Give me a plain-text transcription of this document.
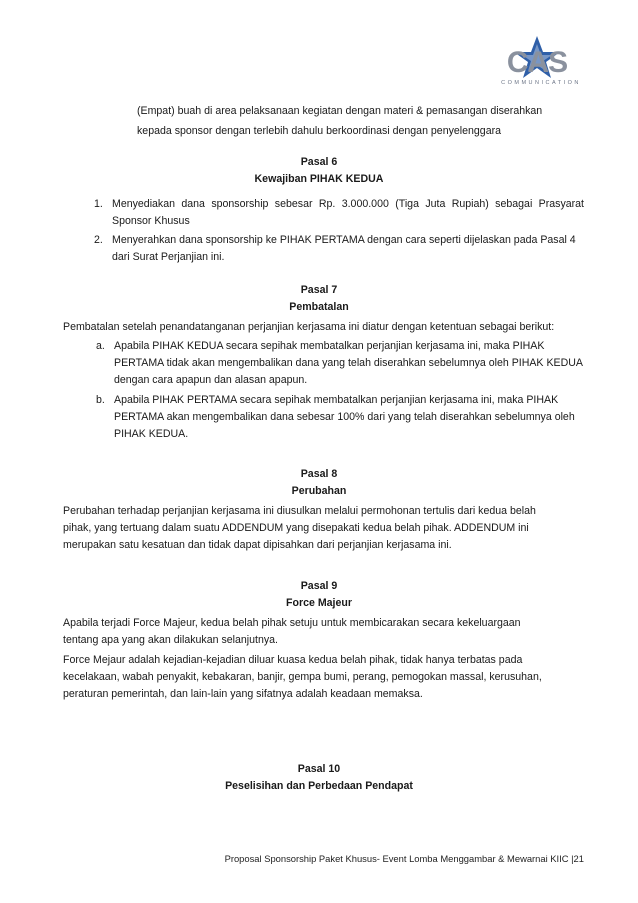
CAS
COMMUNICATION
(Empat) buah di area pelaksanaan kegiatan dengan materi & pemasangan diserahkan
kepada sponsor dengan terlebih dahulu berkoordinasi dengan penyelenggara
Pasal 6
Kewajiban PIHAK KEDUA
1. Menyediakan dana sponsorship sebesar Rp. 3.000.000 (Tiga Juta Rupiah) sebagai Prasyarat
Sponsor Khusus
2. Menyerahkan dana sponsorship ke PIHAK PERTAMA dengan cara seperti dijelaskan pada Pasal 4
dari Surat Perjanjian ini.
Pasal 7
Pembatalan
Pembatalan setelah penandatanganan perjanjian kerjasama ini diatur dengan ketentuan sebagai berikut:
a. Apabila PIHAK KEDUA secara sepihak membatalkan perjanjian kerjasama ini, maka PIHAK
PERTAMA tidak akan mengembalikan dana yang telah diserahkan sebelumnya oleh PIHAK KEDUA
dengan cara apapun dan alasan apapun.
b. Apabila PIHAK PERTAMA secara sepihak membatalkan perjanjian kerjasama ini, maka PIHAK
PERTAMA akan mengembalikan dana sebesar 100% dari yang telah diserahkan sebelumnya oleh
PIHAK KEDUA.
Pasal 8
Perubahan
Perubahan terhadap perjanjian kerjasama ini diusulkan melalui permohonan tertulis dari kedua belah
pihak, yang tertuang dalam suatu ADDENDUM yang disepakati kedua belah pihak. ADDENDUM ini
merupakan satu kesatuan dan tidak dapat dipisahkan dari perjanjian kerjasama ini.
Pasal 9
Force Majeur
Apabila terjadi Force Majeur, kedua belah pihak setuju untuk membicarakan secara kekeluargaan
tentang apa yang akan dilakukan selanjutnya.
Force Mejaur adalah kejadian-kejadian diluar kuasa kedua belah pihak, tidak hanya terbatas pada
kecelakaan, wabah penyakit, kebakaran, banjir, gempa bumi, perang, pemogokan massal, kerusuhan,
peraturan pemerintah, dan lain-lain yang sifatnya adalah keadaan memaksa.
Pasal 10
Peselisihan dan Perbedaan Pendapat
Proposal Sponsorship Paket Khusus- Event Lomba Menggambar & Mewarnai KIIC |21
